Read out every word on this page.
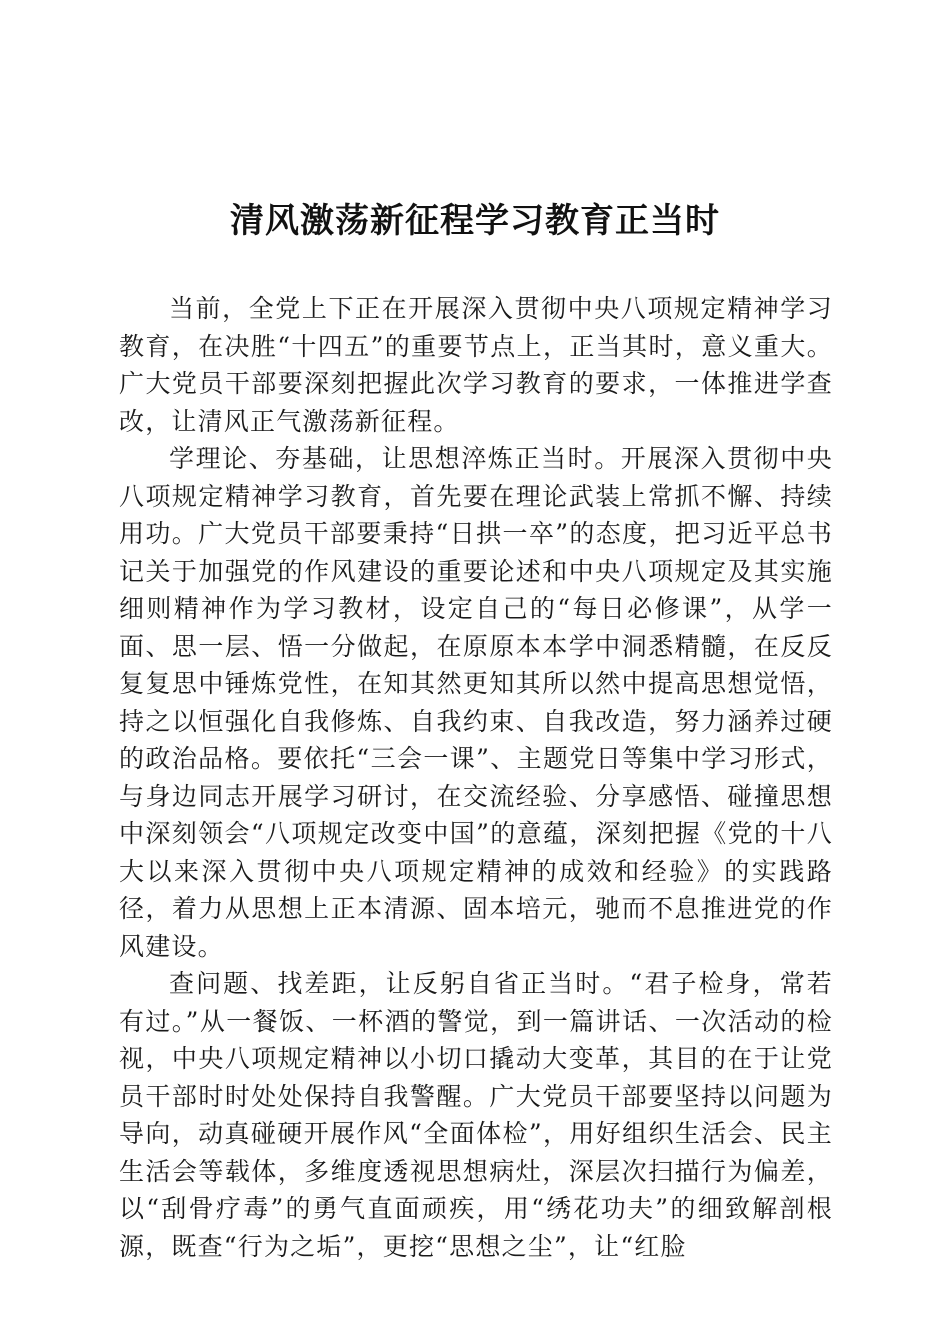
清风激荡新征程学习教育正当时

当前，全党上下正在开展深入贯彻中央八项规定精神学习教育，在决胜“十四五”的重要节点上，正当其时，意义重大。广大党员干部要深刻把握此次学习教育的要求，一体推进学查改，让清风正气激荡新征程。

学理论、夯基础，让思想淬炼正当时。开展深入贯彻中央八项规定精神学习教育，首先要在理论武装上常抓不懈、持续用功。广大党员干部要秉持“日拱一卒”的态度，把习近平总书记关于加强党的作风建设的重要论述和中央八项规定及其实施细则精神作为学习教材，设定自己的“每日必修课”，从学一面、思一层、悟一分做起，在原原本本学中洞悉精髓，在反反复复思中锤炼党性，在知其然更知其所以然中提高思想觉悟，持之以恒强化自我修炼、自我约束、自我改造，努力涵养过硬的政治品格。要依托“三会一课”、主题党日等集中学习形式，与身边同志开展学习研讨，在交流经验、分享感悟、碰撞思想中深刻领会“八项规定改变中国”的意蕴，深刻把握《党的十八大以来深入贯彻中央八项规定精神的成效和经验》的实践路径，着力从思想上正本清源、固本培元，驰而不息推进党的作风建设。

查问题、找差距，让反躬自省正当时。“君子检身，常若有过。”从一餐饭、一杯酒的警觉，到一篇讲话、一次活动的检视，中央八项规定精神以小切口撬动大变革，其目的在于让党员干部时时处处保持自我警醒。广大党员干部要坚持以问题为导向，动真碰硬开展作风“全面体检”，用好组织生活会、民主生活会等载体，多维度透视思想病灶，深层次扫描行为偏差，以“刮骨疗毒”的勇气直面顽疾，用“绣花功夫”的细致解剖根源，既查“行为之垢”，更挖“思想之尘”，让“红脸
